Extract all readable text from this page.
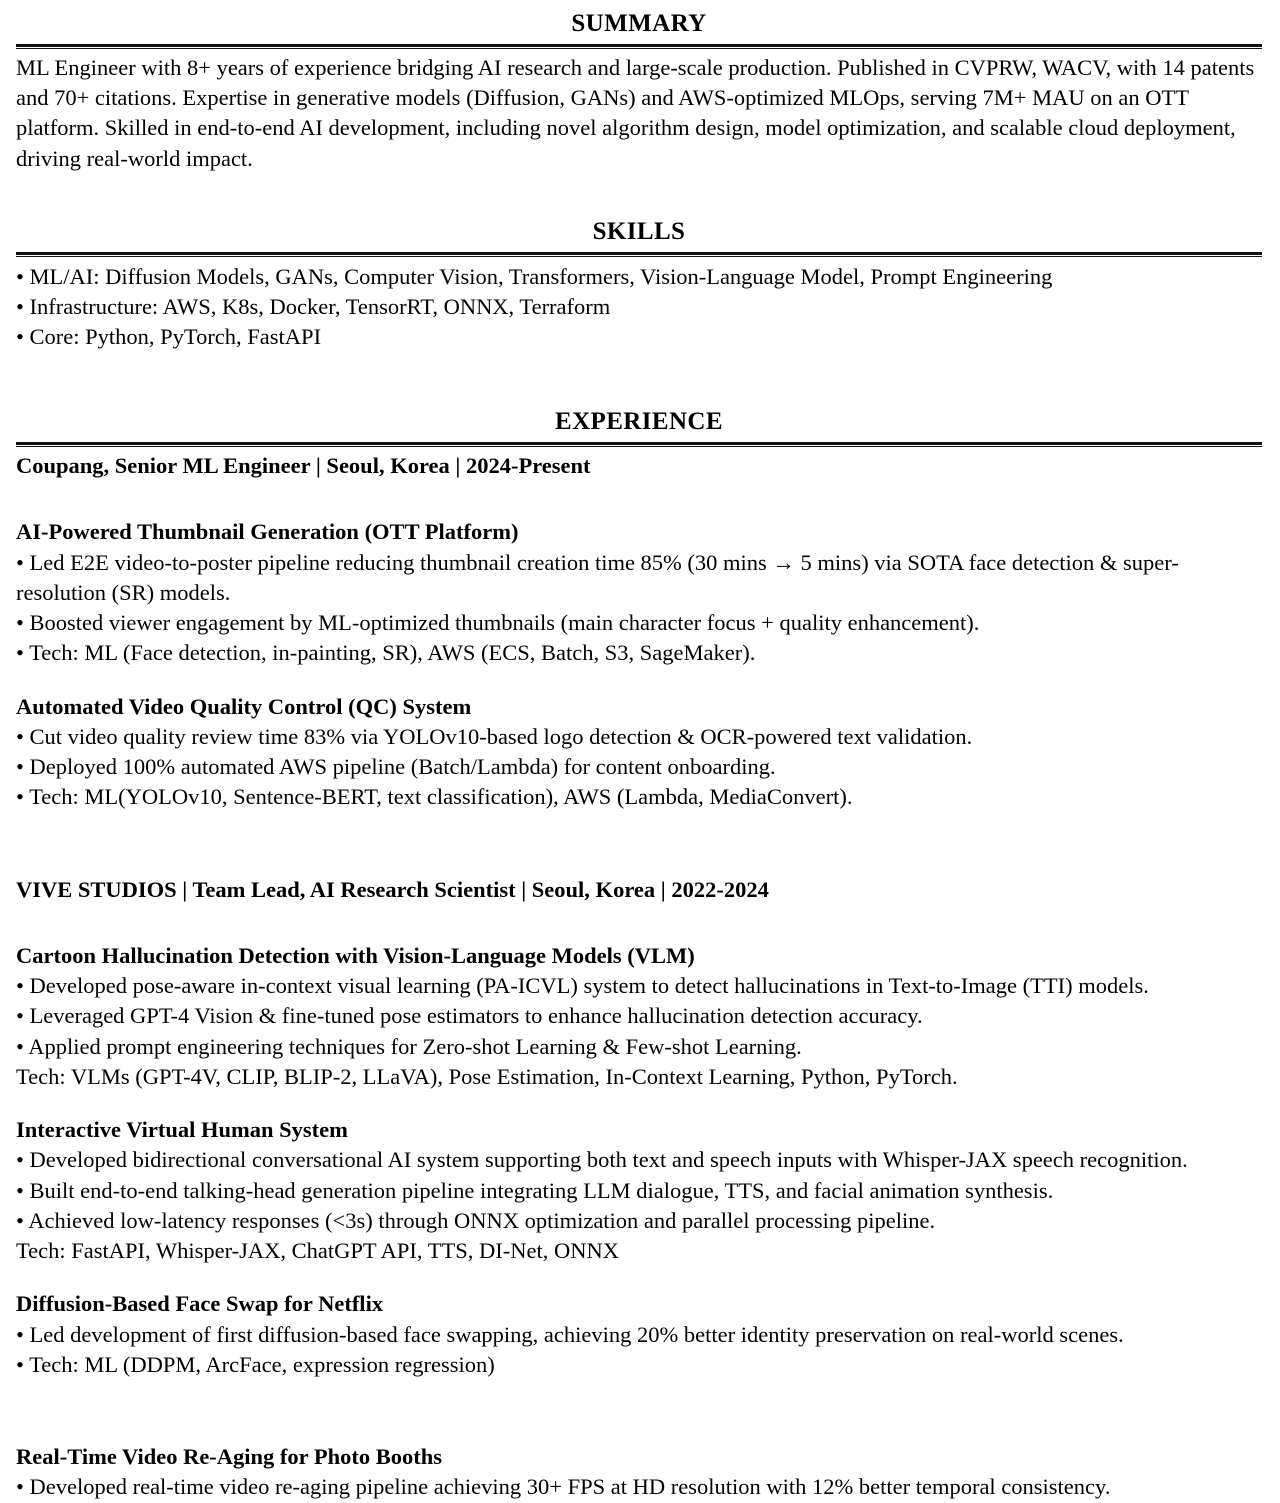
SUMMARY

ML Engineer with 8+ years of experience bridging AI research and large-scale production. Published in CVPRW, WACV, with 14 patents and 70+ citations. Expertise in generative models (Diffusion, GANs) and AWS-optimized MLOps, serving 7M+ MAU on an OTT platform. Skilled in end-to-end AI development, including novel algorithm design, model optimization, and scalable cloud deployment, driving real-world impact.

SKILLS
• ML/AI: Diffusion Models, GANs, Computer Vision, Transformers, Vision-Language Model, Prompt Engineering
• Infrastructure: AWS, K8s, Docker, TensorRT, ONNX, Terraform
• Core: Python, PyTorch, FastAPI
EXPERIENCE
Coupang, Senior ML Engineer | Seoul, Korea | 2024-Present
AI-Powered Thumbnail Generation (OTT Platform)
• Led E2E video-to-poster pipeline reducing thumbnail creation time 85% (30 mins → 5 mins) via SOTA face detection & super-resolution (SR) models.
• Boosted viewer engagement by ML-optimized thumbnails (main character focus + quality enhancement).
• Tech: ML (Face detection, in-painting, SR), AWS (ECS, Batch, S3, SageMaker).
Automated Video Quality Control (QC) System
• Cut video quality review time 83% via YOLOv10-based logo detection & OCR-powered text validation.
• Deployed 100% automated AWS pipeline (Batch/Lambda) for content onboarding.
• Tech: ML(YOLOv10, Sentence-BERT, text classification), AWS (Lambda, MediaConvert).
VIVE STUDIOS | Team Lead, AI Research Scientist | Seoul, Korea | 2022-2024
Cartoon Hallucination Detection with Vision-Language Models (VLM)
• Developed pose-aware in-context visual learning (PA-ICVL) system to detect hallucinations in Text-to-Image (TTI) models.
• Leveraged GPT-4 Vision & fine-tuned pose estimators to enhance hallucination detection accuracy.
• Applied prompt engineering techniques for Zero-shot Learning & Few-shot Learning.
Tech: VLMs (GPT-4V, CLIP, BLIP-2, LLaVA), Pose Estimation, In-Context Learning, Python, PyTorch.
Interactive Virtual Human System
• Developed bidirectional conversational AI system supporting both text and speech inputs with Whisper-JAX speech recognition.
• Built end-to-end talking-head generation pipeline integrating LLM dialogue, TTS, and facial animation synthesis.
• Achieved low-latency responses (<3s) through ONNX optimization and parallel processing pipeline.
Tech: FastAPI, Whisper-JAX, ChatGPT API, TTS, DI-Net, ONNX
Diffusion-Based Face Swap for Netflix
• Led development of first diffusion-based face swapping, achieving 20% better identity preservation on real-world scenes.
• Tech: ML (DDPM, ArcFace, expression regression)
Real-Time Video Re-Aging for Photo Booths
• Developed real-time video re-aging pipeline achieving 30+ FPS at HD resolution with 12% better temporal consistency.
